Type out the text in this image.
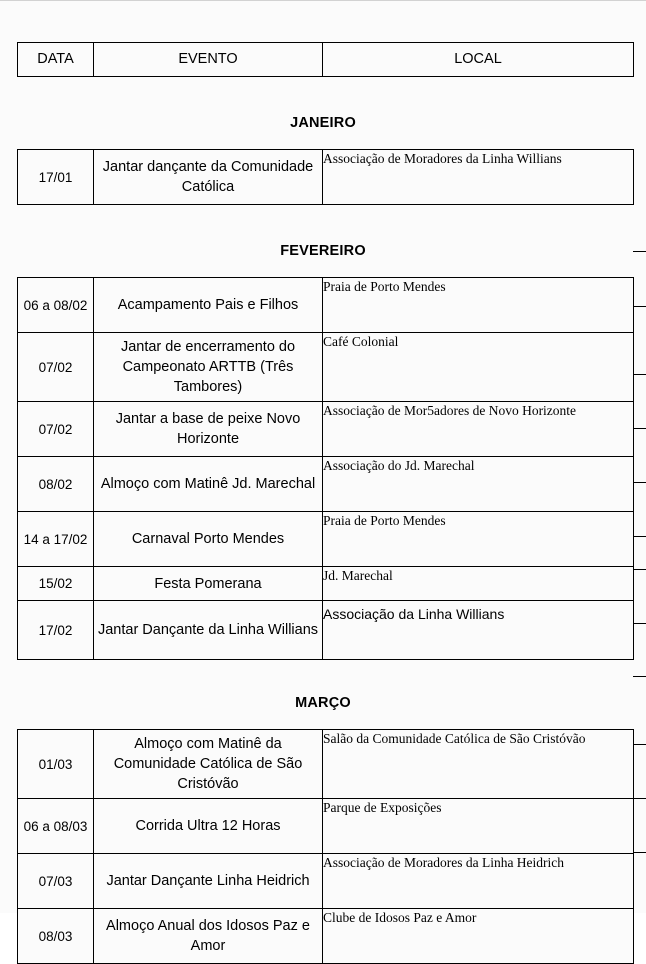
DATA	EVENTO	LOCAL
JANEIRO
17/01	Jantar dançante da Comunidade Católica	Associação de Moradores da Linha Willians
FEVEREIRO
06 a 08/02	Acampamento Pais e Filhos	Praia de Porto Mendes
07/02	Jantar de encerramento do Campeonato ARTTB (Três Tambores)	Café Colonial
07/02	Jantar a base de peixe Novo Horizonte	Associação de Mor5adores de Novo Horizonte
08/02	Almoço com Matinê Jd. Marechal	Associação do Jd. Marechal
14 a 17/02	Carnaval Porto Mendes	Praia de Porto Mendes
15/02	Festa Pomerana	Jd. Marechal
17/02	Jantar Dançante da Linha Willians	Associação da Linha Willians
MARÇO
01/03	Almoço com Matinê da Comunidade Católica de São Cristóvão	Salão da Comunidade Católica de São Cristóvão
06 a 08/03	Corrida Ultra 12 Horas	Parque de Exposições
07/03	Jantar Dançante Linha Heidrich	Associação de Moradores da Linha Heidrich
08/03	Almoço Anual dos Idosos Paz e Amor	Clube de Idosos Paz e Amor
